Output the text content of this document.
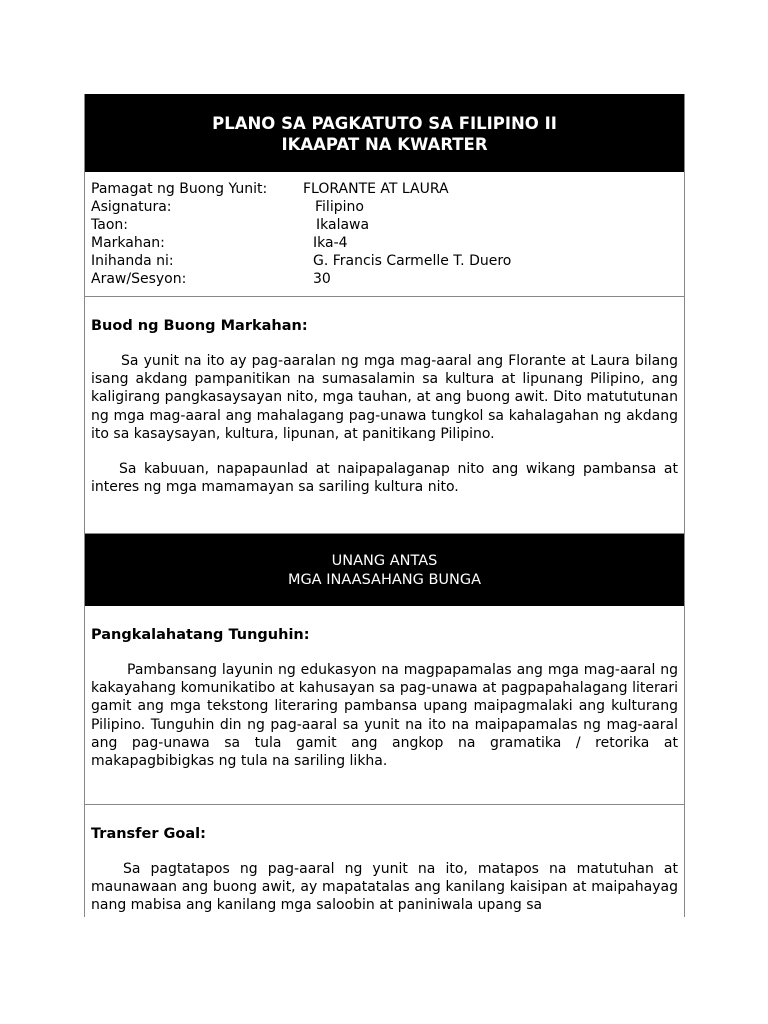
PLANO SA PAGKATUTO SA FILIPINO II
IKAAPAT NA KWARTER
Pamagat ng Buong Yunit:	FLORANTE AT LAURA
Asignatura:	Filipino
Taon:	Ikalawa
Markahan:	Ika-4
Inihanda ni:	G. Francis Carmelle T. Duero
Araw/Sesyon:	30
Buod ng Buong Markahan:

Sa yunit na ito ay pag-aaralan ng mga mag-aaral ang Florante at Laura bilang isang akdang pampanitikan na sumasalamin sa kultura at lipunang Pilipino, ang kaligirang pangkasaysayan nito, mga tauhan, at ang buong awit. Dito matututunan ng mga mag-aaral ang mahalagang pag-unawa tungkol sa kahalagahan ng akdang ito sa kasaysayan, kultura, lipunan, at panitikang Pilipino.

Sa kabuuan, napapaunlad at naipapalaganap nito ang wikang pambansa at interes ng mga mamamayan sa sariling kultura nito.

UNANG ANTAS
MGA INAASAHANG BUNGA
Pangkalahatang Tunguhin:

Pambansang layunin ng edukasyon na magpapamalas ang mga mag-aaral ng kakayahang komunikatibo at kahusayan sa pag-unawa at pagpapahalagang literari gamit ang mga tekstong literaring pambansa upang maipagmalaki ang kulturang Pilipino. Tunguhin din ng pag-aaral sa yunit na ito na maipapamalas ng mag-aaral ang pag-unawa sa tula gamit ang angkop na gramatika / retorika at makapagbibigkas ng tula na sariling likha.

Transfer Goal:

Sa pagtatapos ng pag-aaral ng yunit na ito, matapos na matutuhan at maunawaan ang buong awit, ay mapatatalas ang kanilang kaisipan at maipahayag nang mabisa ang kanilang mga saloobin at paniniwala upang sa
